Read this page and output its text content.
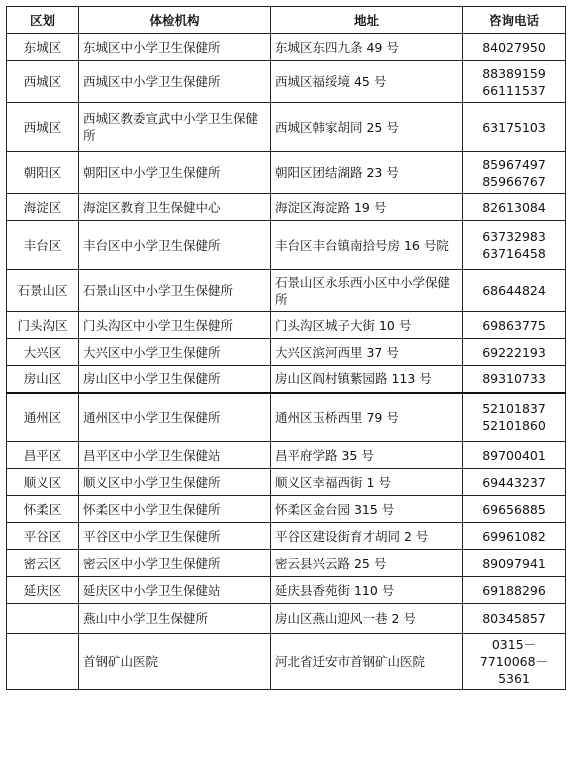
区划	体检机构	地址	咨询电话
东城区	东城区中小学卫生保健所	东城区东四九条 49 号	84027950

西城区	西城区中小学卫生保健所	西城区福绥境 45 号	88389159
66111537

西城区	西城区教委宣武中小学卫生保健所	西城区韩家胡同 25 号	63175103

朝阳区	朝阳区中小学卫生保健所	朝阳区团结湖路 23 号	85967497
85966767

海淀区	海淀区教育卫生保健中心	海淀区海淀路 19 号	82613084

丰台区	丰台区中小学卫生保健所	丰台区丰台镇南拾号房 16 号院	63732983
63716458

石景山区	石景山区中小学卫生保健所	石景山区永乐西小区中小学保健所	68644824

门头沟区	门头沟区中小学卫生保健所	门头沟区城子大街 10 号	69863775

大兴区	大兴区中小学卫生保健所	大兴区滨河西里 37 号	69222193

房山区	房山区中小学卫生保健所	房山区阎村镇紫园路 113 号	89310733

通州区	通州区中小学卫生保健所	通州区玉桥西里 79 号	52101837
52101860

昌平区	昌平区中小学卫生保健站	昌平府学路 35 号	89700401

顺义区	顺义区中小学卫生保健所	顺义区幸福西街 1 号	69443237

怀柔区	怀柔区中小学卫生保健所	怀柔区金台园 315 号	69656885

平谷区	平谷区中小学卫生保健所	平谷区建设街育才胡同 2 号	69961082

密云区	密云区中小学卫生保健所	密云县兴云路 25 号	89097941

延庆区	延庆区中小学卫生保健站	延庆县香苑街 110 号	69188296

	燕山中小学卫生保健所	房山区燕山迎风一巷 2 号	80345857

	首钢矿山医院	河北省迁安市首钢矿山医院	0315－
7710068－5361
